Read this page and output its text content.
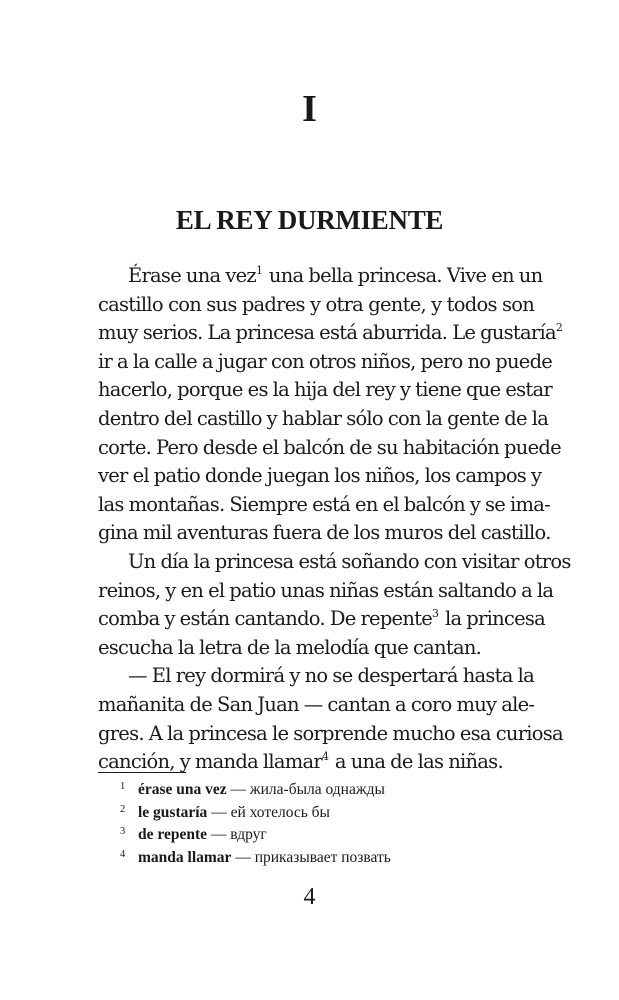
I
EL REY DURMIENTE
Érase una vez$^1$ una bella princesa. Vive en un
castillo con sus padres y otra gente, y todos son
muy serios. La princesa está aburrida. Le gustaría$^2$
ir a la calle a jugar con otros niños, pero no puede
hacerlo, porque es la hija del rey y tiene que estar
dentro del castillo y hablar sólo con la gente de la
corte. Pero desde el balcón de su habitación puede
ver el patio donde juegan los niños, los campos y
las montañas. Siempre está en el balcón y se ima-
gina mil aventuras fuera de los muros del castillo.
Un día la princesa está soñando con visitar otros
reinos, y en el patio unas niñas están saltando a la
comba y están cantando. De repente$^3$ la princesa
escucha la letra de la melodía que cantan.
— El rey dormirá y no se despertará hasta la
mañanita de San Juan — cantan a coro muy ale-
gres. A la princesa le sorprende mucho esa curiosa
canción, y manda llamar$^4$ a una de las niñas.
1 érase una vez — жила-была однажды
2 le gustaría — ей хотелось бы
3 de repente — вдруг
4 manda llamar — приказывает позвать
4
